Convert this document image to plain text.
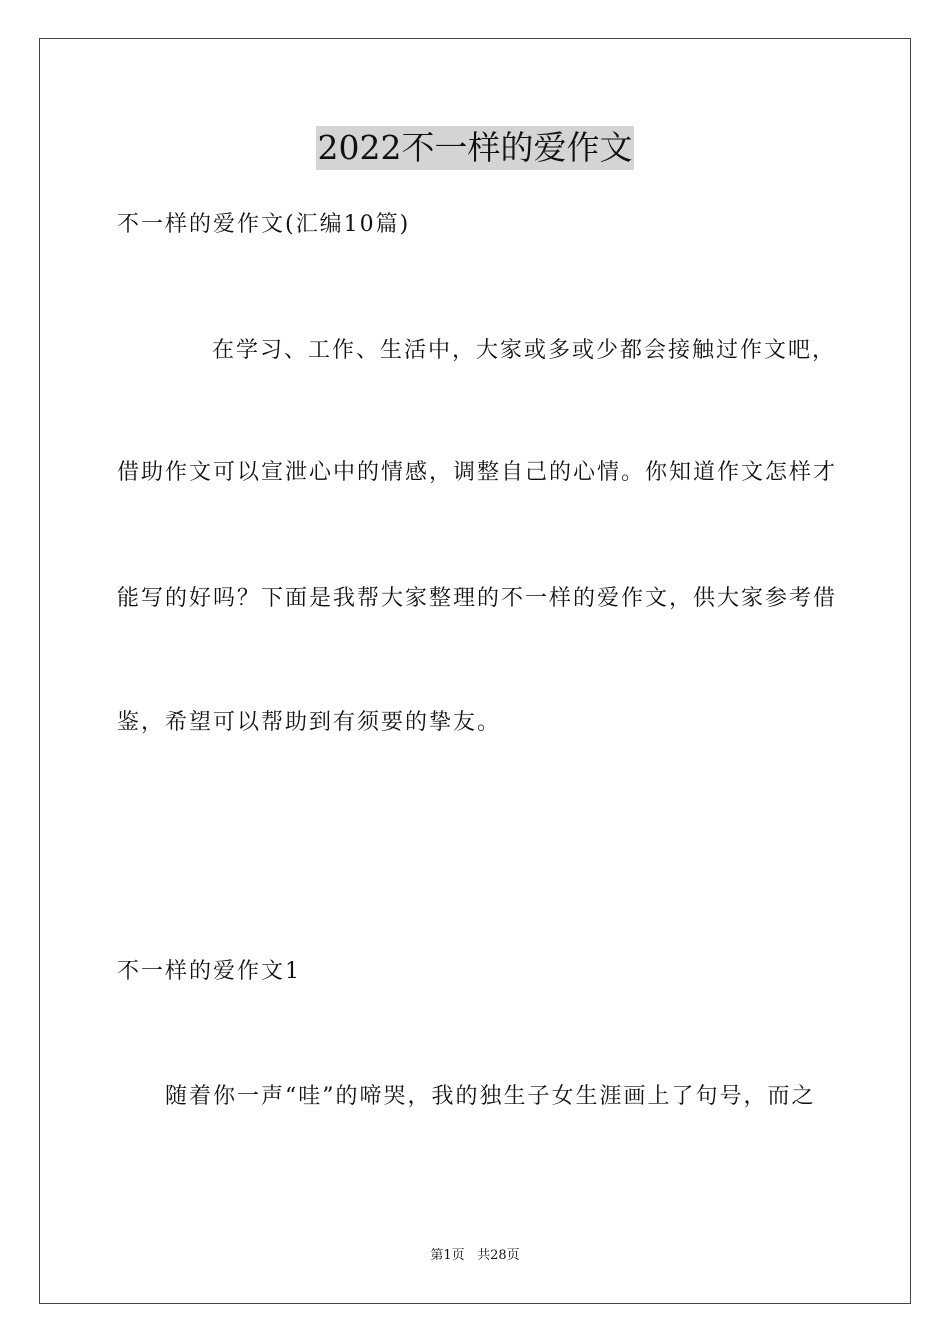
2022不一样的爱作文
不一样的爱作文(汇编10篇)
在学习、工作、生活中，大家或多或少都会接触过作文吧，
借助作文可以宣泄心中的情感，调整自己的心情。你知道作文怎样才
能写的好吗？下面是我帮大家整理的不一样的爱作文，供大家参考借
鉴，希望可以帮助到有须要的挚友。
不一样的爱作文1
随着你一声“哇”的啼哭，我的独生子女生涯画上了句号，而之
第1页 共28页
